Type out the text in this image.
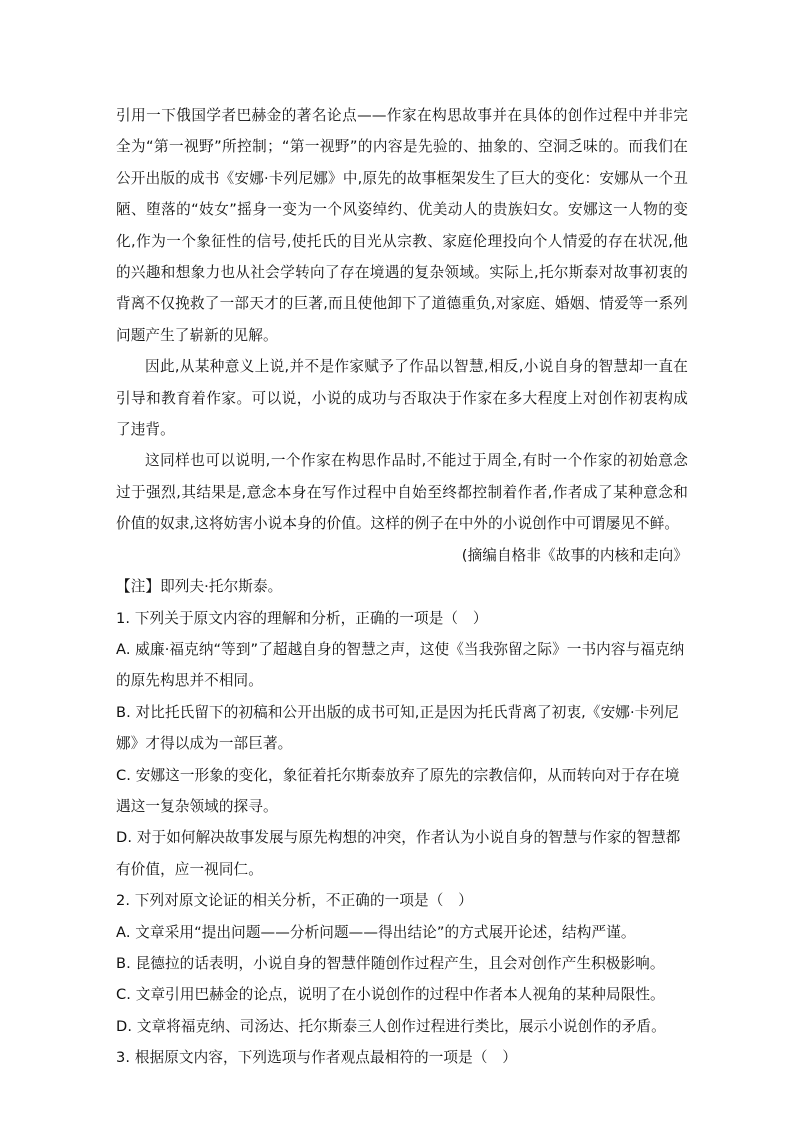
引用一下俄国学者巴赫金的著名论点——作家在构思故事并在具体的创作过程中并非完全为“第一视野”所控制；“第一视野”的内容是先验的、抽象的、空洞乏味的。而我们在公开出版的成书《安娜·卡列尼娜》中,原先的故事框架发生了巨大的变化：安娜从一个丑陋、堕落的“妓女”摇身一变为一个风姿绰约、优美动人的贵族妇女。安娜这一人物的变化,作为一个象征性的信号,使托氏的目光从宗教、家庭伦理投向个人情爱的存在状况,他的兴趣和想象力也从社会学转向了存在境遇的复杂领域。实际上,托尔斯泰对故事初衷的背离不仅挽救了一部天才的巨著,而且使他卸下了道德重负,对家庭、婚姻、情爱等一系列问题产生了崭新的见解。

因此,从某种意义上说,并不是作家赋予了作品以智慧,相反,小说自身的智慧却一直在引导和教育着作家。可以说，小说的成功与否取决于作家在多大程度上对创作初衷构成了违背。

这同样也可以说明,一个作家在构思作品时,不能过于周全,有时一个作家的初始意念过于强烈,其结果是,意念本身在写作过程中自始至终都控制着作者,作者成了某种意念和价值的奴隶,这将妨害小说本身的价值。这样的例子在中外的小说创作中可谓屡见不鲜。

(摘编自格非《故事的内核和走向》

【注】即列夫·托尔斯泰。

1. 下列关于原文内容的理解和分析，正确的一项是（　）

A. 威廉·福克纳“等到”了超越自身的智慧之声，这使《当我弥留之际》一书内容与福克纳的原先构思并不相同。

B. 对比托氏留下的初稿和公开出版的成书可知,正是因为托氏背离了初衷,《安娜·卡列尼娜》才得以成为一部巨著。

C. 安娜这一形象的变化，象征着托尔斯泰放弃了原先的宗教信仰，从而转向对于存在境遇这一复杂领域的探寻。

D. 对于如何解决故事发展与原先构想的冲突，作者认为小说自身的智慧与作家的智慧都有价值，应一视同仁。

2. 下列对原文论证的相关分析，不正确的一项是（　）

A. 文章采用“提出问题——分析问题——得出结论”的方式展开论述，结构严谨。

B. 昆德拉的话表明，小说自身的智慧伴随创作过程产生，且会对创作产生积极影响。

C. 文章引用巴赫金的论点，说明了在小说创作的过程中作者本人视角的某种局限性。

D. 文章将福克纳、司汤达、托尔斯泰三人创作过程进行类比，展示小说创作的矛盾。

3. 根据原文内容，下列选项与作者观点最相符的一项是（　）
